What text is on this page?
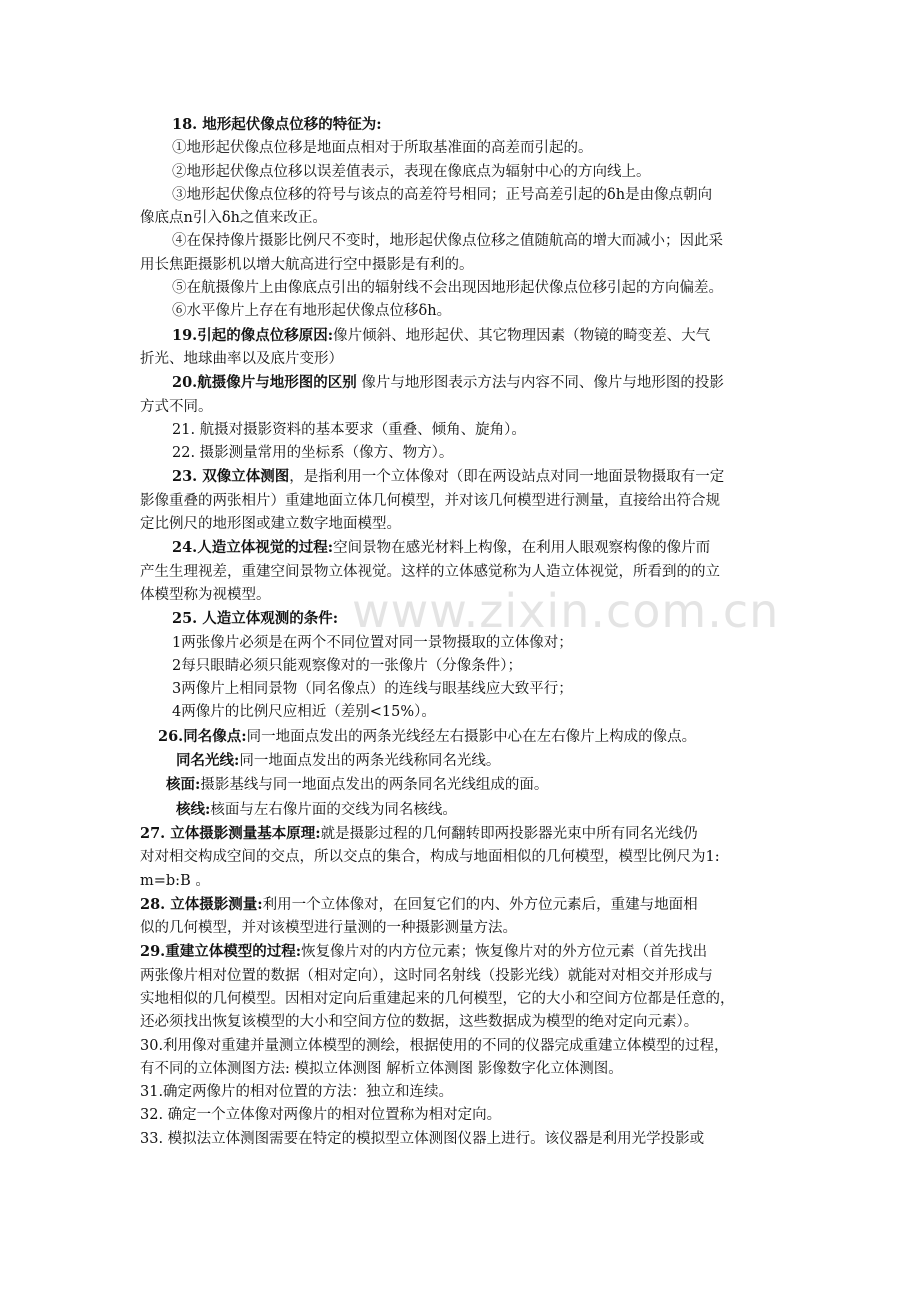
www.zixin.com.cn
18. 地形起伏像点位移的特征为:
①地形起伏像点位移是地面点相对于所取基准面的高差而引起的。
②地形起伏像点位移以误差值表示，表现在像底点为辐射中心的方向线上。
③地形起伏像点位移的符号与该点的高差符号相同；正号高差引起的δh是由像点朝向
像底点n引入δh之值来改正。
④在保持像片摄影比例尺不变时，地形起伏像点位移之值随航高的增大而减小；因此采
用长焦距摄影机以增大航高进行空中摄影是有利的。
⑤在航摄像片上由像底点引出的辐射线不会出现因地形起伏像点位移引起的方向偏差。
⑥水平像片上存在有地形起伏像点位移δh。
19.引起的像点位移原因:像片倾斜、地形起伏、其它物理因素（物镜的畸变差、大气
折光、地球曲率以及底片变形）
20.航摄像片与地形图的区别 像片与地形图表示方法与内容不同、像片与地形图的投影
方式不同。
21. 航摄对摄影资料的基本要求（重叠、倾角、旋角）。
22. 摄影测量常用的坐标系（像方、物方）。
23. 双像立体测图，是指利用一个立体像对（即在两设站点对同一地面景物摄取有一定
影像重叠的两张相片）重建地面立体几何模型，并对该几何模型进行测量，直接给出符合规
定比例尺的地形图或建立数字地面模型。
24.人造立体视觉的过程:空间景物在感光材料上构像，在利用人眼观察构像的像片而
产生生理视差，重建空间景物立体视觉。这样的立体感觉称为人造立体视觉，所看到的的立
体模型称为视模型。
25. 人造立体观测的条件:
1两张像片必须是在两个不同位置对同一景物摄取的立体像对；
2每只眼睛必须只能观察像对的一张像片（分像条件）；
3两像片上相同景物（同名像点）的连线与眼基线应大致平行；
4两像片的比例尺应相近（差别<15%）。
26.同名像点:同一地面点发出的两条光线经左右摄影中心在左右像片上构成的像点。
同名光线:同一地面点发出的两条光线称同名光线。
核面:摄影基线与同一地面点发出的两条同名光线组成的面。
核线:核面与左右像片面的交线为同名核线。
27. 立体摄影测量基本原理:就是摄影过程的几何翻转即两投影器光束中所有同名光线仍
对对相交构成空间的交点，所以交点的集合，构成与地面相似的几何模型，模型比例尺为1:
m=b:B 。
28. 立体摄影测量:利用一个立体像对，在回复它们的内、外方位元素后，重建与地面相
似的几何模型，并对该模型进行量测的一种摄影测量方法。
29.重建立体模型的过程:恢复像片对的内方位元素；恢复像片对的外方位元素（首先找出
两张像片相对位置的数据（相对定向），这时同名射线（投影光线）就能对对相交并形成与
实地相似的几何模型。因相对定向后重建起来的几何模型，它的大小和空间方位都是任意的，
还必须找出恢复该模型的大小和空间方位的数据，这些数据成为模型的绝对定向元素）。
30.利用像对重建并量测立体模型的测绘，根据使用的不同的仪器完成重建立体模型的过程，
有不同的立体测图方法: 模拟立体测图 解析立体测图 影像数字化立体测图。
31.确定两像片的相对位置的方法：独立和连续。
32. 确定一个立体像对两像片的相对位置称为相对定向。
33. 模拟法立体测图需要在特定的模拟型立体测图仪器上进行。该仪器是利用光学投影或
